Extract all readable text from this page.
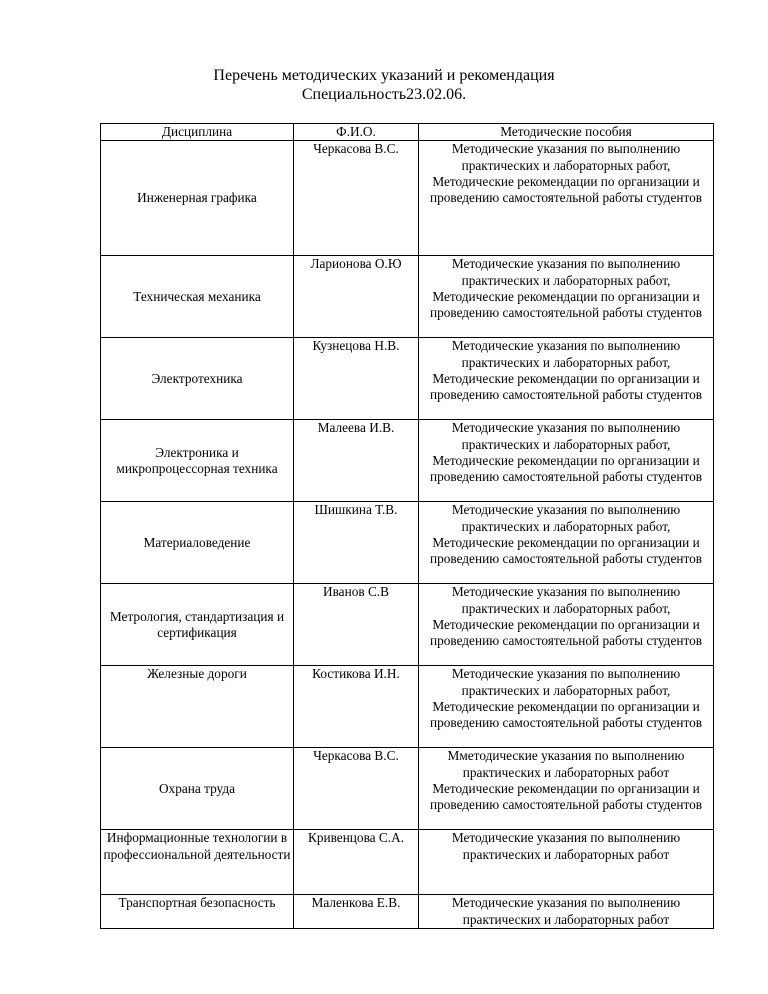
Перечень методических указаний и рекомендация
Специальность23.02.06.
Дисциплина	Ф.И.О.	Методические пособия
Инженерная графика	Черкасова В.С.	Методические указания по выполнению практических и лабораторных работ, Методические рекомендации по организации и проведению самостоятельной работы студентов
Техническая механика	Ларионова О.Ю	Методические указания по выполнению практических и лабораторных работ, Методические рекомендации по организации и проведению самостоятельной работы студентов
Электротехника	Кузнецова Н.В.	Методические указания по выполнению практических и лабораторных работ, Методические рекомендации по организации и проведению самостоятельной работы студентов
Электроника и микропроцессорная техника	Малеева И.В.	Методические указания по выполнению практических и лабораторных работ, Методические рекомендации по организации и проведению самостоятельной работы студентов
Материаловедение	Шишкина Т.В.	Методические указания по выполнению практических и лабораторных работ, Методические рекомендации по организации и проведению самостоятельной работы студентов
Метрология, стандартизация и сертификация	Иванов С.В	Методические указания по выполнению практических и лабораторных работ, Методические рекомендации по организации и проведению самостоятельной работы студентов
Железные дороги	Костикова И.Н.	Методические указания по выполнению практических и лабораторных работ, Методические рекомендации по организации и проведению самостоятельной работы студентов
Охрана труда	Черкасова В.С.	Мметодические указания по выполнению практических и лабораторных работ Методические рекомендации по организации и проведению самостоятельной работы студентов
Информационные технологии в профессиональной деятельности	Кривенцова С.А.	Методические указания по выполнению практических и лабораторных работ
Транспортная безопасность	Маленкова Е.В.	Методические указания по выполнению практических и лабораторных работ
